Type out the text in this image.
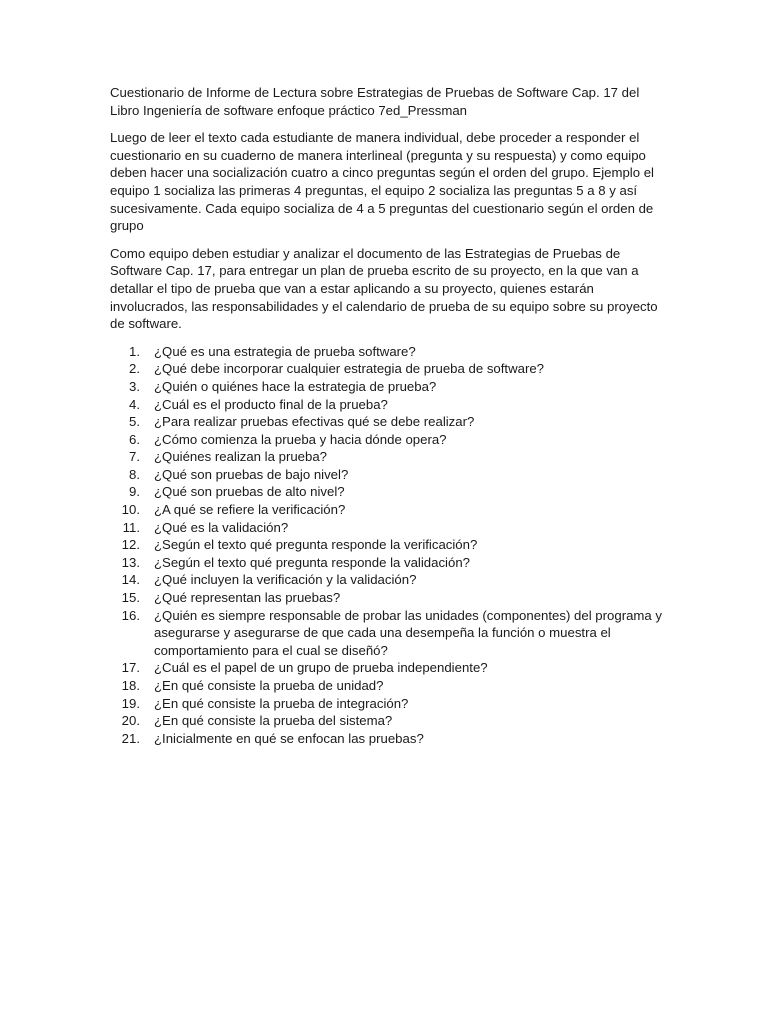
Cuestionario de Informe de Lectura sobre Estrategias de Pruebas de Software Cap. 17 del Libro Ingeniería de software enfoque práctico 7ed_Pressman

Luego de leer el texto cada estudiante de manera individual, debe proceder a responder el cuestionario en su cuaderno de manera interlineal (pregunta y su respuesta) y como equipo deben hacer una socialización cuatro a cinco preguntas según el orden del grupo. Ejemplo el equipo 1 socializa las primeras 4 preguntas, el equipo 2 socializa las preguntas 5 a 8 y así sucesivamente. Cada equipo socializa de 4 a 5 preguntas del cuestionario según el orden de grupo

Como equipo deben estudiar y analizar el documento de las Estrategias de Pruebas de Software Cap. 17, para entregar un plan de prueba escrito de su proyecto, en la que van a detallar el tipo de prueba que van a estar aplicando a su proyecto, quienes estarán involucrados, las responsabilidades y el calendario de prueba de su equipo sobre su proyecto de software.

1.	¿Qué es una estrategia de prueba software?
2.	¿Qué debe incorporar cualquier estrategia de prueba de software?
3.	¿Quién o quiénes hace la estrategia de prueba?
4.	¿Cuál es el producto final de la prueba?
5.	¿Para realizar pruebas efectivas qué se debe realizar?
6.	¿Cómo comienza la prueba y hacia dónde opera?
7.	¿Quiénes realizan la prueba?
8.	¿Qué son pruebas de bajo nivel?
9.	¿Qué son pruebas de alto nivel?
10.	¿A qué se refiere la verificación?
11.	¿Qué es la validación?
12.	¿Según el texto qué pregunta responde la verificación?
13.	¿Según el texto qué pregunta responde la validación?
14.	¿Qué incluyen la verificación y la validación?
15.	¿Qué representan las pruebas?
16.	¿Quién es siempre responsable de probar las unidades (componentes) del programa y asegurarse y asegurarse de que cada una desempeña la función o muestra el comportamiento para el cual se diseñó?
17.	¿Cuál es el papel de un grupo de prueba independiente?
18.	¿En qué consiste la prueba de unidad?
19.	¿En qué consiste la prueba de integración?
20.	¿En qué consiste la prueba del sistema?
21.	¿Inicialmente en qué se enfocan las pruebas?
